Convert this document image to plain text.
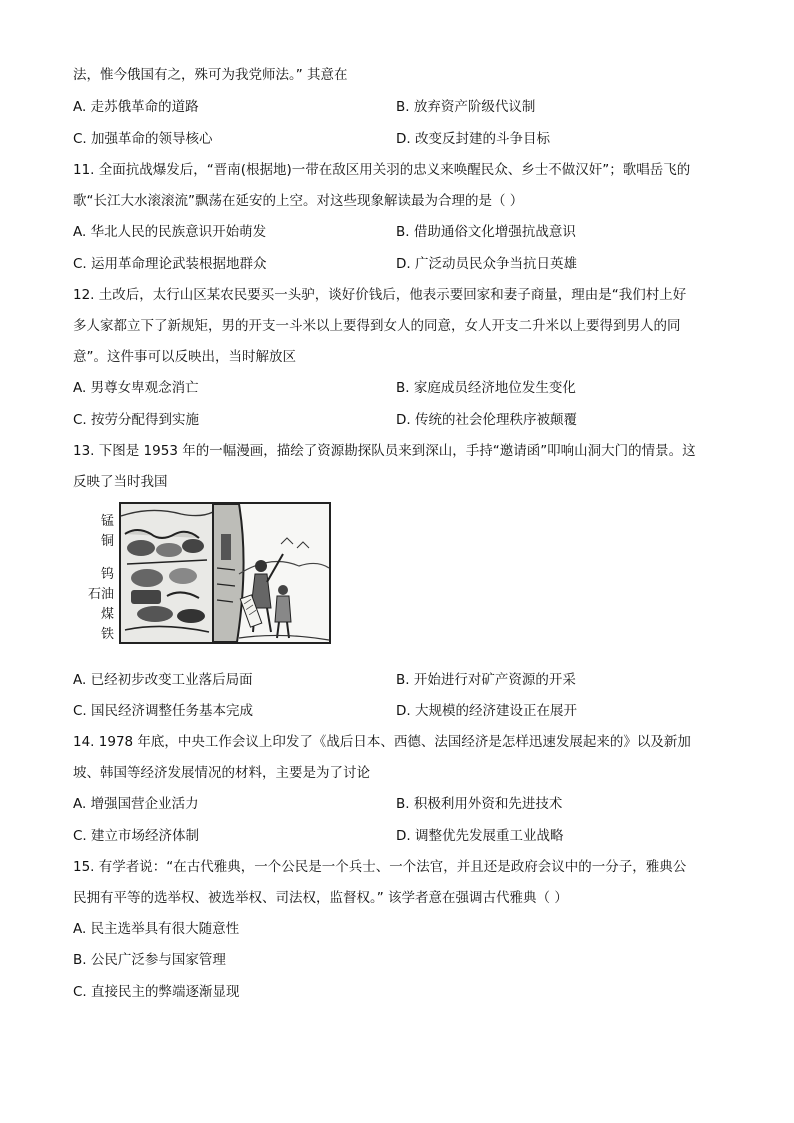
法，惟今俄国有之，殊可为我党师法。” 其意在
A. 走苏俄革命的道路	B. 放弃资产阶级代议制
C. 加强革命的领导核心	D. 改变反封建的斗争目标
11. 全面抗战爆发后，“晋南(根据地)一带在敌区用关羽的忠义来唤醒民众、乡士不做汉奸”；歌唱岳飞的
歌“长江大水滚滚流”飘荡在延安的上空。对这些现象解读最为合理的是（ ）
A. 华北人民的民族意识开始萌发	B. 借助通俗文化增强抗战意识
C. 运用革命理论武装根据地群众	D. 广泛动员民众争当抗日英雄
12. 土改后，太行山区某农民要买一头驴，谈好价钱后，他表示要回家和妻子商量，理由是“我们村上好
多人家都立下了新规矩，男的开支一斗米以上要得到女人的同意，女人开支二升米以上要得到男人的同
意”。这件事可以反映出，当时解放区
A. 男尊女卑观念消亡	B. 家庭成员经济地位发生变化
C. 按劳分配得到实施	D. 传统的社会伦理秩序被颠覆
13. 下图是 1953 年的一幅漫画，描绘了资源勘探队员来到深山，手持“邀请函”叩响山洞大门的情景。这
反映了当时我国
锰
铜
钨
石油
煤
铁
A. 已经初步改变工业落后局面	B. 开始进行对矿产资源的开采
C. 国民经济调整任务基本完成	D. 大规模的经济建设正在展开
14. 1978 年底，中央工作会议上印发了《战后日本、西德、法国经济是怎样迅速发展起来的》以及新加
坡、韩国等经济发展情况的材料，主要是为了讨论
A. 增强国营企业活力	B. 积极利用外资和先进技术
C. 建立市场经济体制	D. 调整优先发展重工业战略
15. 有学者说：“在古代雅典，一个公民是一个兵士、一个法官，并且还是政府会议中的一分子，雅典公
民拥有平等的选举权、被选举权、司法权，监督权。” 该学者意在强调古代雅典（ ）
A. 民主选举具有很大随意性
B. 公民广泛参与国家管理
C. 直接民主的弊端逐渐显现
